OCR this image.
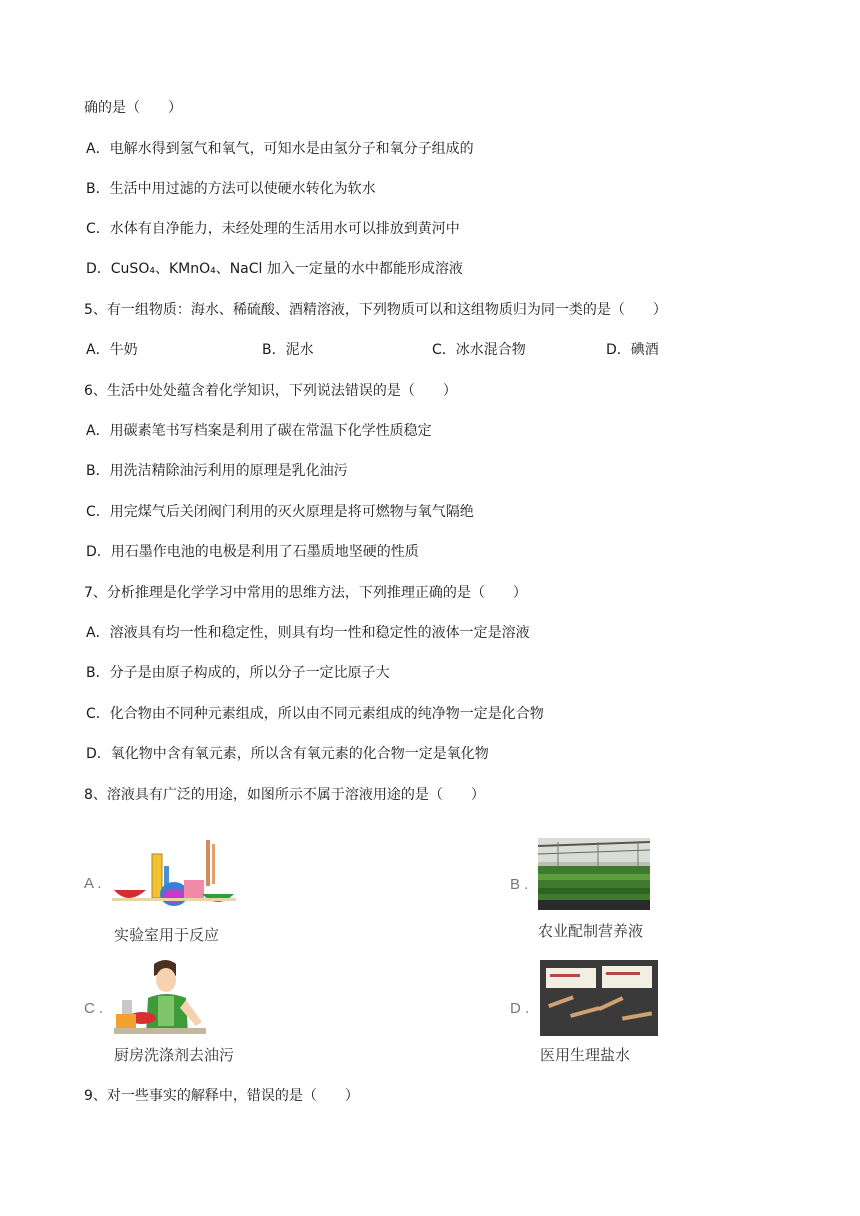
确的是（　　）
A．电解水得到氢气和氧气，可知水是由氢分子和氧分子组成的
B．生活中用过滤的方法可以使硬水转化为软水
C．水体有自净能力，未经处理的生活用水可以排放到黄河中
D．CuSO₄、KMnO₄、NaCl 加入一定量的水中都能形成溶液
5、有一组物质：海水、稀硫酸、酒精溶液，下列物质可以和这组物质归为同一类的是（　　）
A．牛奶	B．泥水	C．冰水混合物	D．碘酒
6、生活中处处蕴含着化学知识，下列说法错误的是（　　）
A．用碳素笔书写档案是利用了碳在常温下化学性质稳定
B．用洗洁精除油污利用的原理是乳化油污
C．用完煤气后关闭阀门利用的灭火原理是将可燃物与氧气隔绝
D．用石墨作电池的电极是利用了石墨质地坚硬的性质
7、分析推理是化学学习中常用的思维方法，下列推理正确的是（　　）
A．溶液具有均一性和稳定性，则具有均一性和稳定性的液体一定是溶液
B．分子是由原子构成的，所以分子一定比原子大
C．化合物由不同种元素组成，所以由不同元素组成的纯净物一定是化合物
D．氧化物中含有氧元素，所以含有氧元素的化合物一定是氧化物
8、溶液具有广泛的用途，如图所示不属于溶液用途的是（　　）
A .
实验室用于反应
B .
农业配制营养液
C .
厨房洗涤剂去油污
D .
医用生理盐水
9、对一些事实的解释中，错误的是（　　）
